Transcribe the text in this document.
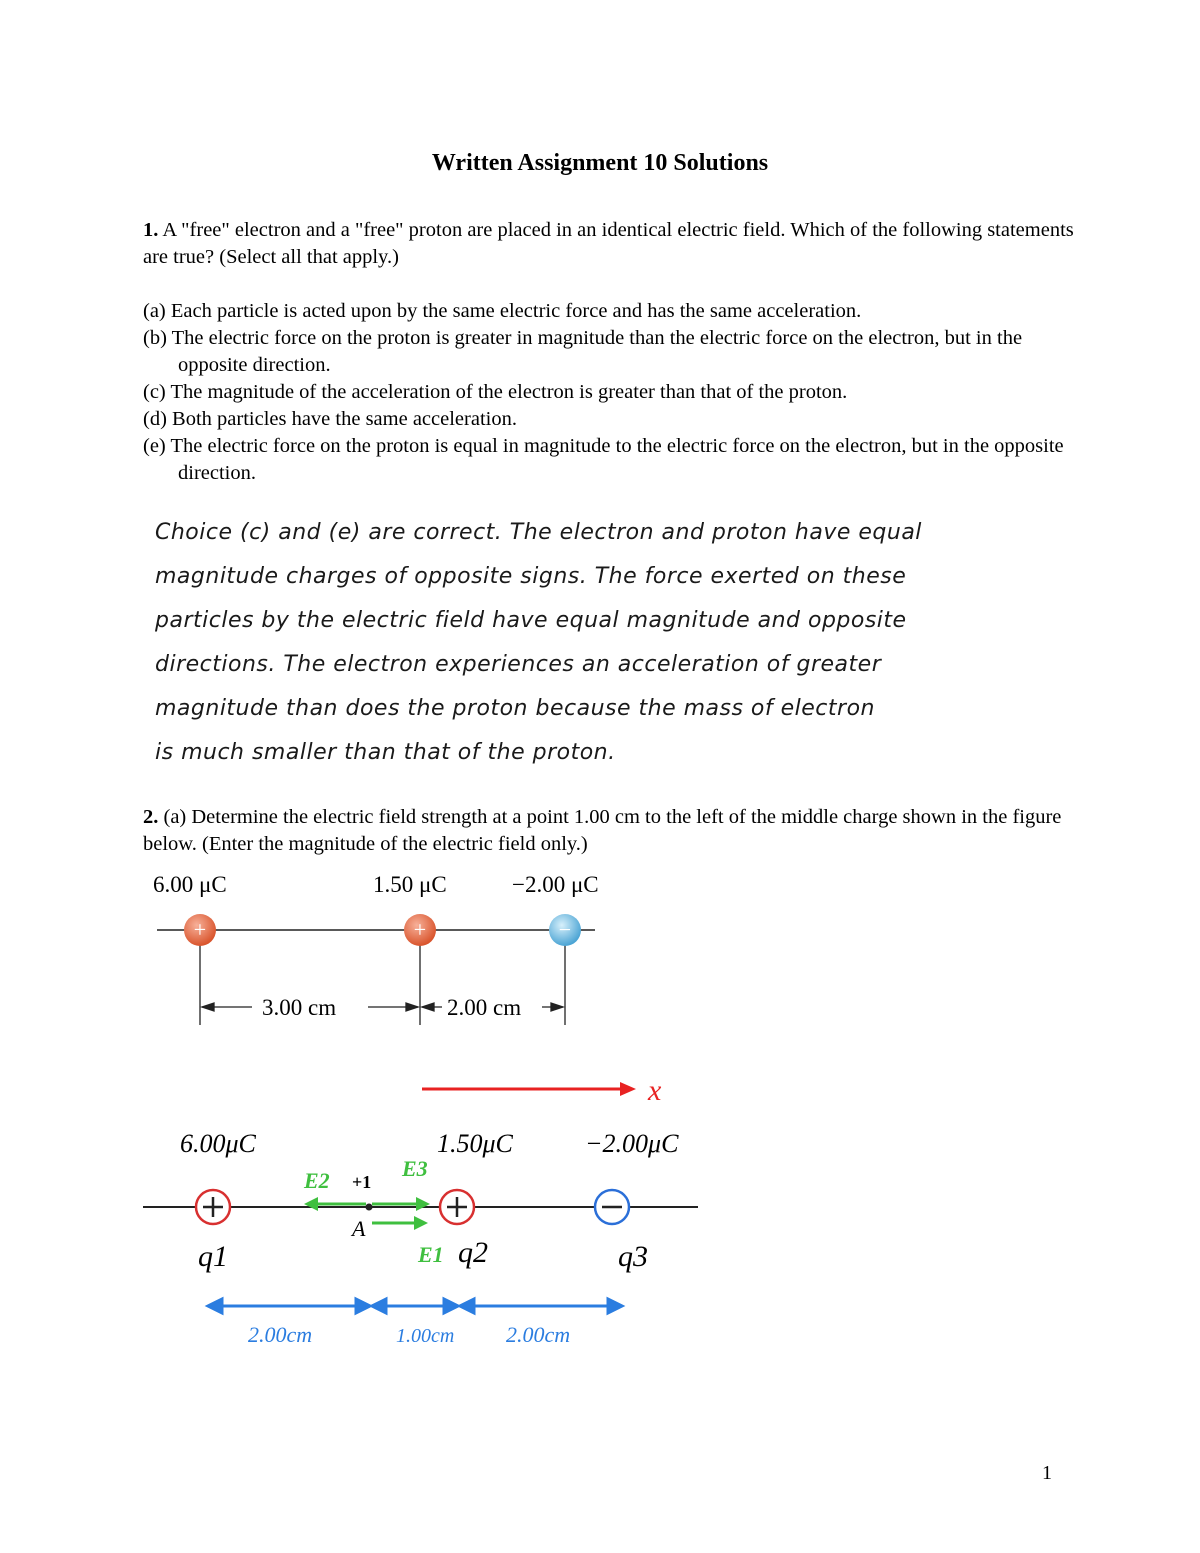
Written Assignment 10 Solutions
1. A "free" electron and a "free" proton are placed in an identical electric field. Which of the following statements are true? (Select all that apply.)
(a) Each particle is acted upon by the same electric force and has the same acceleration.
(b) The electric force on the proton is greater in magnitude than the electric force on the electron, but in the opposite direction.
(c) The magnitude of the acceleration of the electron is greater than that of the proton.
(d) Both particles have the same acceleration.
(e) The electric force on the proton is equal in magnitude to the electric force on the electron, but in the opposite direction.
Choice (c) and (e) are correct. The electron and proton have equal
magnitude charges of opposite signs. The force exerted on these
particles by the electric field have equal magnitude and opposite
directions. The electron experiences an acceleration of greater
magnitude than does the proton because the mass of electron
is much smaller than that of the proton.
2. (a) Determine the electric field strength at a point 1.00 cm to the left of the middle charge shown in the figure below. (Enter the magnitude of the electric field only.)
6.00 μC	1.50 μC	−2.00 μC
+	+	−
3.00 cm	2.00 cm
x
6.00μC	1.50μC	−2.00μC
A
+1
E2	E3
E1
q1	q2	q3
2.00cm	1.00cm 2.00cm
1
